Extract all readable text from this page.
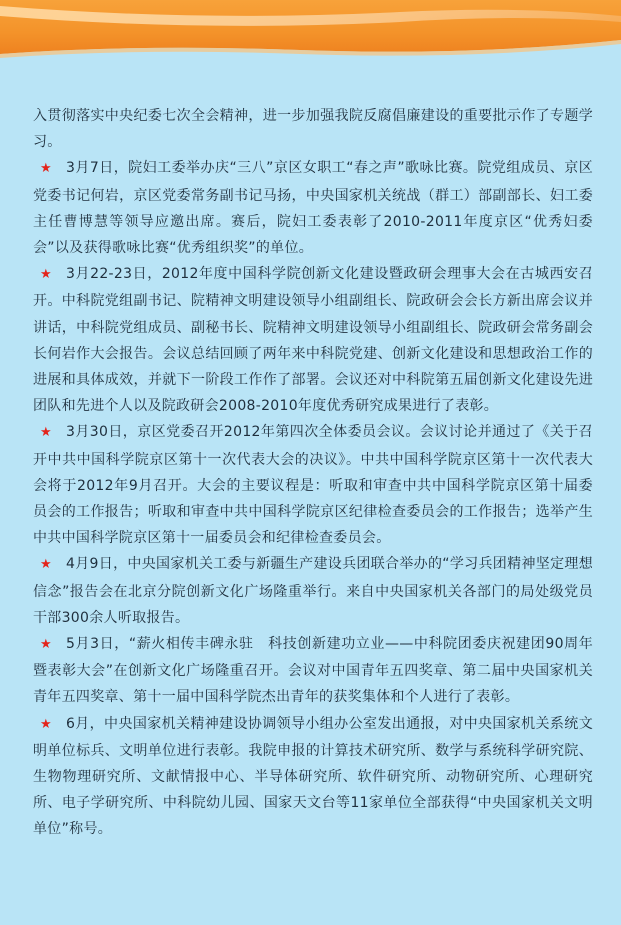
入贯彻落实中央纪委七次全会精神，进一步加强我院反腐倡廉建设的重要批示作了专题学习。

★ 3月7日，院妇工委举办庆“三八”京区女职工“春之声”歌咏比赛。院党组成员、京区党委书记何岩，京区党委常务副书记马扬，中央国家机关统战（群工）部副部长、妇工委主任曹博慧等领导应邀出席。赛后，院妇工委表彰了2010-2011年度京区“优秀妇委会”以及获得歌咏比赛“优秀组织奖”的单位。

★ 3月22-23日，2012年度中国科学院创新文化建设暨政研会理事大会在古城西安召开。中科院党组副书记、院精神文明建设领导小组副组长、院政研会会长方新出席会议并讲话，中科院党组成员、副秘书长、院精神文明建设领导小组副组长、院政研会常务副会长何岩作大会报告。会议总结回顾了两年来中科院党建、创新文化建设和思想政治工作的进展和具体成效，并就下一阶段工作作了部署。会议还对中科院第五届创新文化建设先进团队和先进个人以及院政研会2008-2010年度优秀研究成果进行了表彰。

★ 3月30日，京区党委召开2012年第四次全体委员会议。会议讨论并通过了《关于召开中共中国科学院京区第十一次代表大会的决议》。中共中国科学院京区第十一次代表大会将于2012年9月召开。大会的主要议程是：听取和审查中共中国科学院京区第十届委员会的工作报告；听取和审查中共中国科学院京区纪律检查委员会的工作报告；选举产生中共中国科学院京区第十一届委员会和纪律检查委员会。

★ 4月9日，中央国家机关工委与新疆生产建设兵团联合举办的“学习兵团精神坚定理想信念”报告会在北京分院创新文化广场隆重举行。来自中央国家机关各部门的局处级党员干部300余人听取报告。

★ 5月3日，“薪火相传丰碑永驻　科技创新建功立业——中科院团委庆祝建团90周年暨表彰大会”在创新文化广场隆重召开。会议对中国青年五四奖章、第二届中央国家机关青年五四奖章、第十一届中国科学院杰出青年的获奖集体和个人进行了表彰。

★ 6月，中央国家机关精神建设协调领导小组办公室发出通报，对中央国家机关系统文明单位标兵、文明单位进行表彰。我院申报的计算技术研究所、数学与系统科学研究院、生物物理研究所、文献情报中心、半导体研究所、软件研究所、动物研究所、心理研究所、电子学研究所、中科院幼儿园、国家天文台等11家单位全部获得“中央国家机关文明单位”称号。
